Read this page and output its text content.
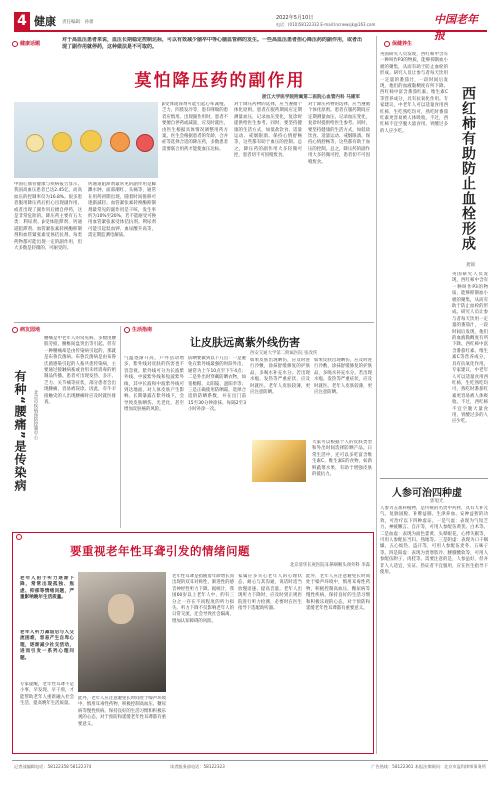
4 健康 责任编辑：孙蕾
2022年5月10日	中国老年报
电话：(010)58122332 E-mail:lncnewsjk@163.com
健康话题
对于高血压患者来说，血压长期稳定控制达标，可以有效减少脑卒中等心脑血管病的发生。一些高血压患者担心降压药的副作用，或者出现了副作用就停药，这种做法是不可取的。
莫怕降压药的副作用
浙江大学医学院附属第二医院心血管内科 马建军
中国心血管健康与疾病报告显示，我国高血压患者已达2.45亿，而高血压的控制率仅为16.8%。很多患者服用降压药后担心出现副作用，或者出现了副作用后擅自停药，这是非常危险的。降压药主要有五大类：利尿剂、β受体阻滞剂、钙通道阻滞剂、血管紧张素转换酶抑制剂和血管紧张素受体拮抗剂。每类药物都可能出现一定的副作用，但大多数是轻微的、可耐受的。
钙通道阻滞剂最常见的副作用是脚踝水肿、面部潮红、头痛等，通常在用药初期出现，随着时间推移可逐渐减轻。血管紧张素转换酶抑制剂最常见的副作用是干咳，发生率约为10%至20%，若不能耐受可换用血管紧张素受体拮抗剂。利尿剂可能引起低血钾、血尿酸升高等，需定期监测电解质。
β受体阻滞剂可能引起心率减慢、乏力、四肢发冷等，患有哮喘的患者应慎用。出现副作用时，患者不要擅自停药或减量，应及时就医，由医生根据具体情况调整用药方案。医生会根据患者的年龄、合并症等选择合适的降压药，多数患者需要联合用药才能使血压达标。
对于降压药物的选择，应当遵循个体化原则。患者在服药期间应定期测量血压，记录血压变化，复诊时提供给医生参考。同时，要坚持健康的生活方式，如低盐饮食、适量运动、戒烟限酒、保持心情舒畅等，这些都有助于血压的控制。总之，降压药的副作用大多轻微可控，患者切不可因噎废食。
对于降压药物的选择，应当遵循个体化原则。患者在服药期间应定期测量血压，记录血压变化，复诊时提供给医生参考。同时，要坚持健康的生活方式，如低盐饮食、适量运动、戒烟限酒、保持心情舒畅等，这些都有助于血压的控制。总之，降压药的副作用大多轻微可控，患者切不可因噎废食。
保健养生
英国研究人员发现，西红柿中含有一种叫作P3的物质，能够抑制血小板的聚集，从而有助于防止血栓的形成。研究人员让参与者每天饮用一定量的番茄汁，一段时间后发现，他们的血液黏稠度有所下降。西红柿中富含番茄红素、维生素C等营养成分，具有抗氧化作用。专家建议，中老年人可以适量食用西红柿，生吃熟吃均可，熟吃时番茄红素更容易被人体吸收。不过，西红柿不宜空腹大量食用，胃酸过多的人应少吃。	西红柿有助防止血栓形成
龚锦
英国研究人员发现，西红柿中含有一种叫作P3的物质，能够抑制血小板的聚集，从而有助于防止血栓的形成。研究人员让参与者每天饮用一定量的番茄汁，一段时间后发现，他们的血液黏稠度有所下降。西红柿中富含番茄红素、维生素C等营养成分，具有抗氧化作用。专家建议，中老年人可以适量食用西红柿，生吃熟吃均可，熟吃时番茄红素更容易被人体吸收。不过，西红柿不宜空腹大量食用，胃酸过多的人应少吃。
人参可治四种虚
郭旭光
人参为五加科植物，是传统的名贵中药材，具有大补元气、复脉固脱、补脾益肺、生津养血、安神益智的功效，可治疗以下四种虚证。一是气虚：表现为气短乏力、神疲懒言、自汗等，可用人参配伍黄芪、白术等。二是血虚：表现为面色萎黄、头晕眼花、心悸失眠等，可用人参配伍当归、熟地等。三是阴虚：表现为口干咽燥、五心烦热、盗汗等，可用人参配伍麦冬、五味子等。四是阳虚：表现为畏寒肢冷、腰膝酸软等，可用人参配伍附子、肉桂等。需要注意的是，人参虽好，但并非人人适宜，实证、热证者不宜服用，应在医生指导下使用。
病友园地
有种“腰痛”是传染病	北京市疾病预防控制中心
腰痛是中老年人的常见病，多数由腰肌劳损、腰椎间盘突出等引起。但有一种腰痛却是由传染病引起的，那就是布鲁氏菌病。布鲁氏菌病是由布鲁氏菌感染引起的人畜共患传染病，主要通过接触病畜或食用未经消毒的奶制品传播。患者可出现发热、多汗、乏力、关节痛等症状，部分患者会出现腰痛，容易被误诊。因此，有牛羊接触史的人出现腰痛时应及时就医排查。
生活指南
让皮肤远离紫外线伤害
西安交通大学第二附属医院 张改侠
气温逐渐升高，户外活动增多，紫外线对皮肤的伤害也不容忽视。紫外线可分为长波紫外线、中波紫外线和短波紫外线，其中长波和中波紫外线可到达地面，对人体皮肤产生影响。长期暴露在紫外线下，会导致皮肤晒伤、光老化，甚至增加皮肤癌的风险。
防晒要做到以下几点：一是避免在紫外线最强的时段外出，通常为上午10点至下午4点；二是外出时穿戴防晒衣物，如宽檐帽、太阳镜、遮阳伞等；三是正确使用防晒霜，选择合适的防晒系数，并在出门前15至30分钟涂抹，每隔2至3小时补涂一次。
如果皮肤出现晒伤，应及时进行冷敷，涂抹舒缓修复的护肤品，多喝水补充水分。若出现水疱、发热等严重症状，应及时就医。老年人皮肤较薄，更应注意防晒。
大家可以根据个人的皮肤类型和外出时间选择防晒产品。日常生活中，还可以多吃富含维生素C、维生素E的食物，如新鲜蔬菜水果，有助于增强皮肤的抵抗力。
如果皮肤出现晒伤，应及时进行冷敷，涂抹舒缓修复的护肤品，多喝水补充水分。若出现水疱、发热等严重症状，应及时就医。老年人皮肤较薄，更应注意防晒。
要重视老年性耳聋引发的情绪问题
北京清华长庚医院耳鼻咽喉头颈外科 李淼
老年人由于听力逐渐下降，常常出现孤独、焦虑、抑郁等情绪问题，严重影响晚年生活质量。
老年人听力减退后与人交流困难，容易产生自卑心理，逐渐减少社交活动，进而引发一系列心理问题。
老年性耳聋是指随着年龄增长而出现的双耳对称性、渐进性的感音神经性听力下降。据统计，我国60岁以上老年人中，约有三分之一存在不同程度的听力损失。听力下降不仅影响老年人的日常交流，还会导致社会隔离，增加认知障碍的风险。
家属应多关心老年人的心理状态，耐心与其沟通，说话时适当放慢语速、提高音量。老年人出现听力下降时，应及时到正规医院进行听力检测，必要时在医生指导下选配助听器。
此外，老年人应注意避免长时间处于噪声环境中，慎用耳毒性药物，积极控制高血压、糖尿病等慢性疾病。保持良好的生活习惯和积极乐观的心态，对于预防和延缓老年性耳聋都有重要意义。
专家提醒，老年性耳聋不是小事，早发现、早干预，才能帮助老年人重新融入社会生活，提高晚年生活质量。
此外，老年人应注意避免长时间处于噪声环境中，慎用耳毒性药物，积极控制高血压、糖尿病等慢性疾病。保持良好的生活习惯和积极乐观的心态，对于预防和延缓老年性耳聋都有重要意义。
记者部编辑电话：58122358 58122374	读者服务部电话：58122323	广告热线：58122361 本报法律顾问：北京市盈科律师事务所
